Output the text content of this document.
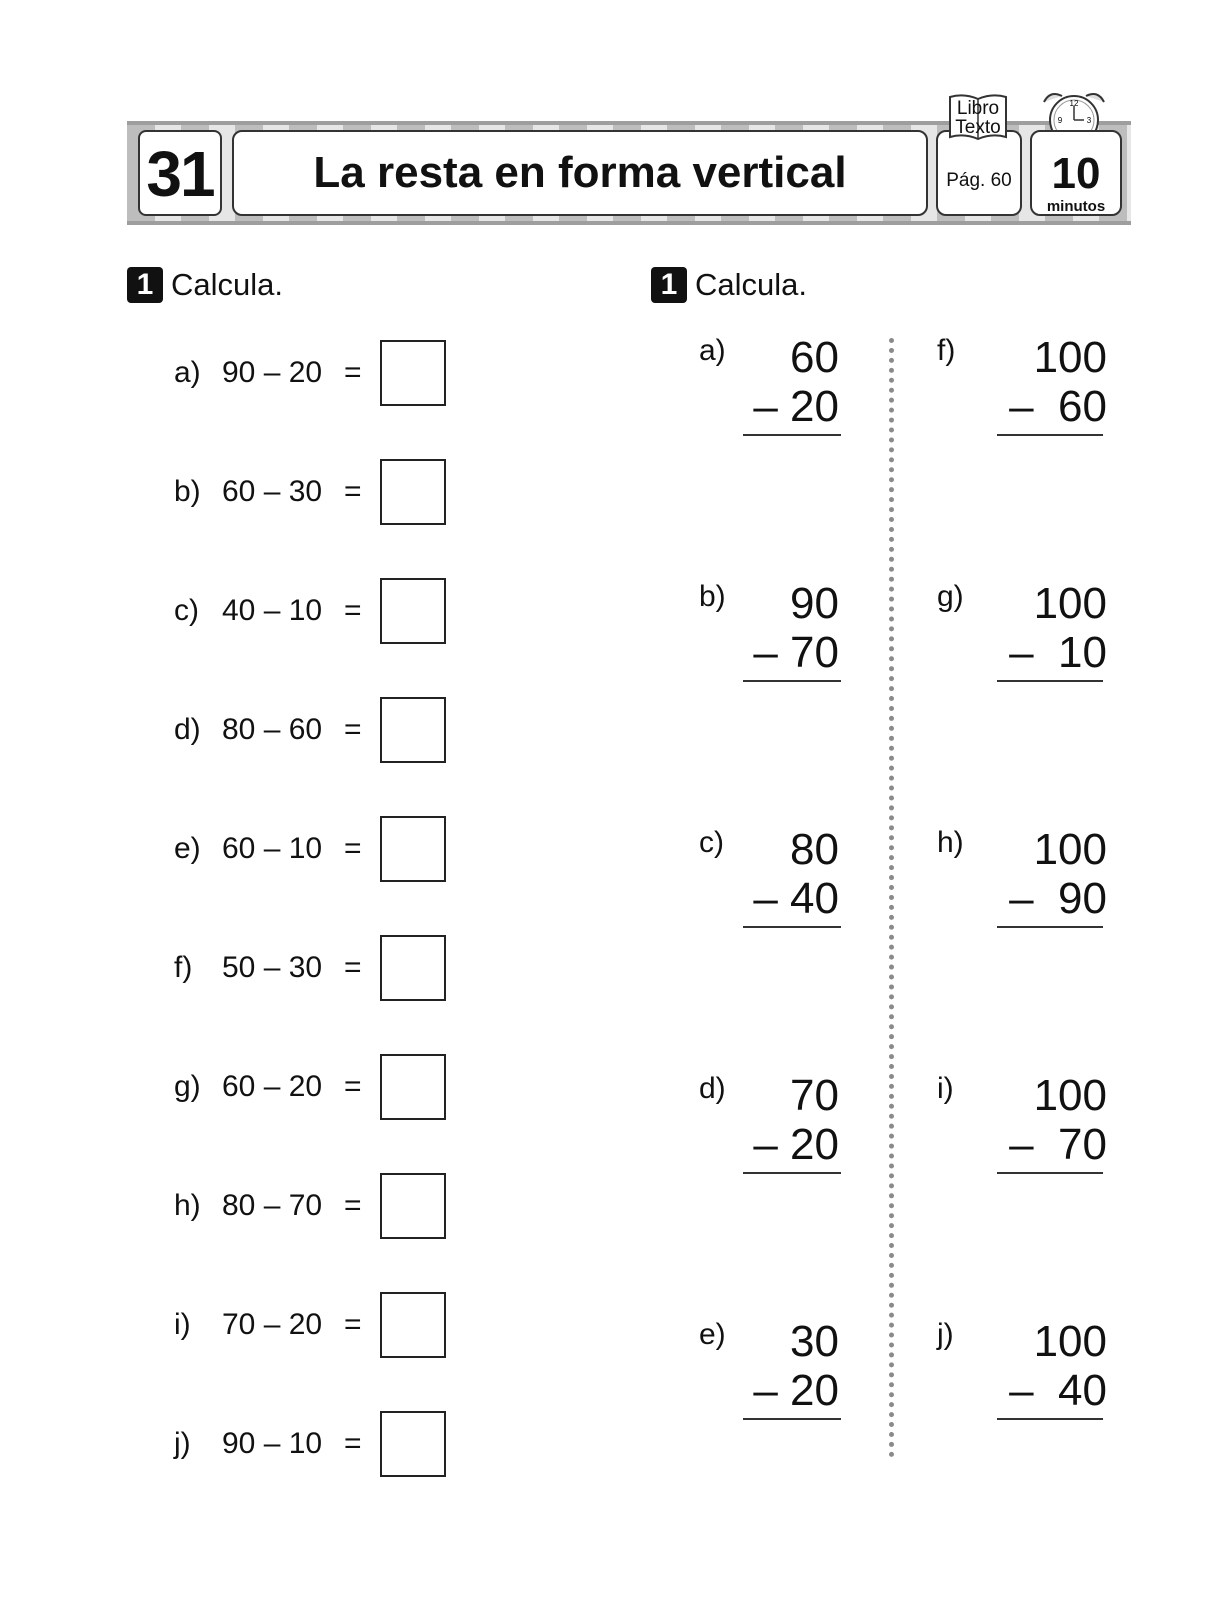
31	La resta en forma vertical	Pág. 60
Libro
Texto
12
9	3
10
minutos
1 Calcula.	1 Calcula.
a) 90 – 20 =
b) 60 – 30 =
c) 40 – 10 =
d) 80 – 60 =
e) 60 – 10 =
f) 50 – 30 =
g) 60 – 20 =
h) 80 – 70 =
i) 70 – 20 =
j) 90 – 10 =
a) 60
– 20
b) 90
– 70
c) 80
– 40
d) 70
– 20
e) 30
– 20
f) 100
–  60
g) 100
–  10
h) 100
–  90
i) 100
–  70
j) 100
–  40
